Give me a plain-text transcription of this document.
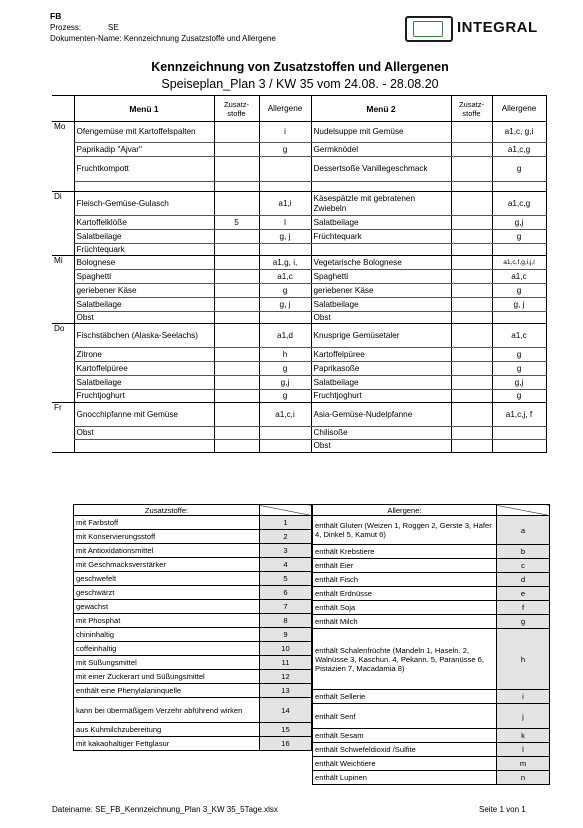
FB
Prozess:	SE
Dokumenten-Name: Kennzeichnung Zusatzstoffe und Allergene
INTEGRAL
Kennzeichnung von Zusatzstoffen und Allergenen
Speiseplan_Plan 3 / KW 35 vom 24.08. - 28.08.20
	Menü 1	Zusatz-
stoffe	Allergene	Menü 2	Zusatz-
stoffe	Allergene
Mo	Ofengemüse mit Kartoffelspalten		i	Nudelsuppe mit Gemüse		a1,c, g,i
	Paprikadip "Ajvar"		g	Germknödel		a1,c,g
	Fruchtkompott			Dessertsoße Vanillegeschmack		g

Di	Fleisch-Gemüse-Gulasch		a1,i	Käsespätzle mit gebratenen Zwiebeln		a1,c,g
	Kartoffelklöße	5	l	Salatbeilage		g,j
	Salatbeilage		g, j	Früchtequark		g
	Früchtequark					
Mi	Bolognese		a1,g, i,	Vegetarische Bolognese		a1,c,f,g,i,j,l
	Spaghetti		a1,c	Spaghetti		a1,c
	geriebener Käse		g	geriebener Käse		g
	Salatbeilage		g, j	Salatbeilage		g, j
	Obst			Obst		
Do	Fischstäbchen (Alaska-Seelachs)		a1,d	Knusprige Gemüsetaler		a1,c
	Zitrone		h	Kartoffelpüree		g
	Kartoffelpüree		g	Paprikasoße		g
	Salatbeilage		g,j	Salatbeilage		g,j
	Fruchtjoghurt		g	Fruchtjoghurt		g
Fr	Gnocchipfanne mit Gemüse		a1,c,i	Asia-Gemüse-Nudelpfanne		a1,c,j, f
	Obst			Chilisoße		
				Obst		
Zusatzstoffe:	
mit Farbstoff	1
mit Konservierungsstoff	2
mit Antioxidationsmittel	3
mit Geschmacksverstärker	4
geschwefelt	5
geschwärzt	6
gewachst	7
mit Phosphat	8
chininhaltig	9
coffeinhaltig	10
mit Süßungsmittel	11
mit einer Zuckerart und Süßungsmittel	12
enthält eine Phenylalaninquelle	13
kann bei übermäßigem Verzehr abführend wirken	14
aus Kuhmilchzubereitung	15
mit kakaohaltiger Fettglasur	16
Allergene:	
enthält Gluten (Weizen 1, Roggen 2, Gerste 3, Hafer 4, Dinkel 5, Kamut 6)	a
enthält Krebstiere	b
enthält Eier	c
enthält Fisch	d
enthält Erdnüsse	e
enthält Soja	f
enthält Milch	g
enthält Schalenfrüchte (Mandeln 1, Haseln. 2, Walnüsse 3, Kaschun. 4, Pekann. 5, Paranüsse 6, Pistazien 7, Macadamia 8)	h
enthält Sellerie	i
enthält Senf	j
enthält Sesam	k
enthält Schwefeldioxid /Sulfite	l
enthält Weichtiere	m
enthält Lupinen	n
Dateiname: SE_FB_Kennzeichnung_Plan 3_KW 35_5Tage.xlsx	Seite 1 von 1
